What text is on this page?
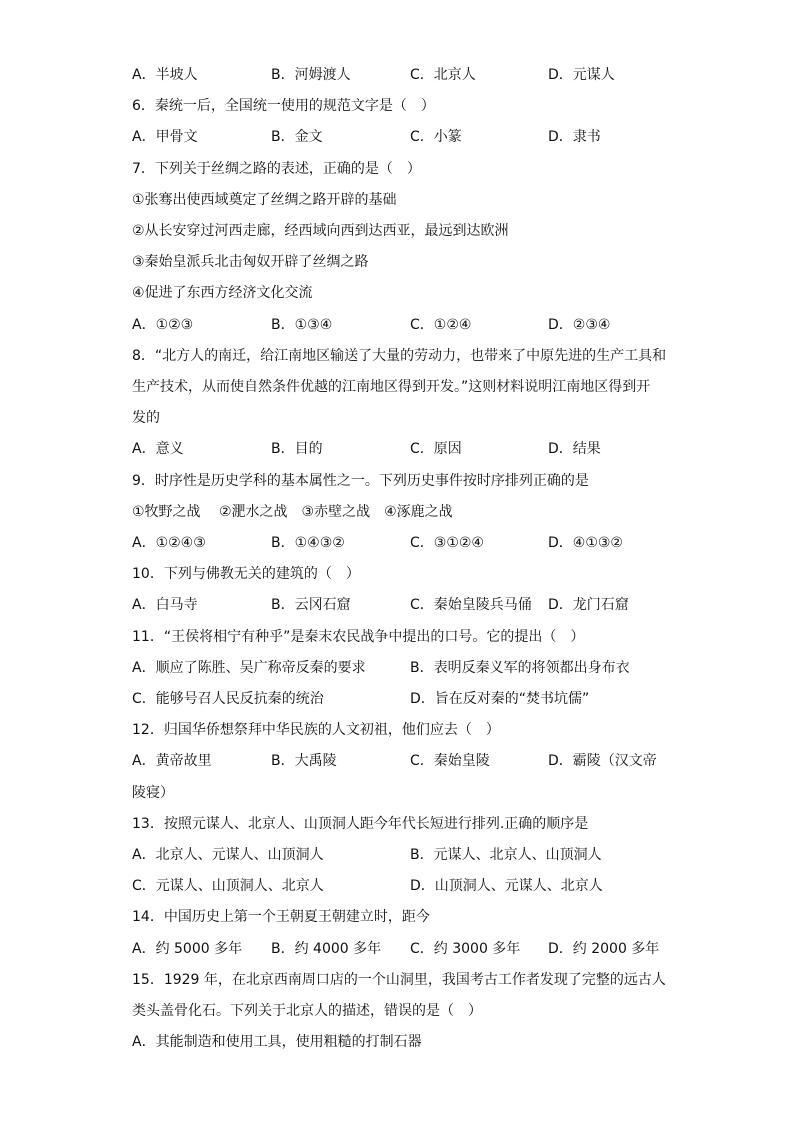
A．半坡人	B．河姆渡人	C．北京人	D．元谋人
6．秦统一后，全国统一使用的规范文字是（　）
A．甲骨文	B．金文	C．小篆	D．隶书
7．下列关于丝绸之路的表述，正确的是（　）
①张骞出使西域奠定了丝绸之路开辟的基础
②从长安穿过河西走廊，经西域向西到达西亚，最远到达欧洲
③秦始皇派兵北击匈奴开辟了丝绸之路
④促进了东西方经济文化交流
A．①②③	B．①③④	C．①②④	D．②③④
8．“北方人的南迁，给江南地区输送了大量的劳动力，也带来了中原先进的生产工具和
生产技术，从而使自然条件优越的江南地区得到开发。”这则材料说明江南地区得到开
发的
A．意义	B．目的	C．原因	D．结果
9．时序性是历史学科的基本属性之一。下列历史事件按时序排列正确的是
①牧野之战　 ②淝水之战　③赤壁之战　④涿鹿之战
A．①②④③	B．①④③②	C．③①②④	D．④①③②
10．下列与佛教无关的建筑的（　）
A．白马寺	B．云冈石窟	C．秦始皇陵兵马俑 D．龙门石窟
11．“王侯将相宁有种乎”是秦末农民战争中提出的口号。它的提出（　）
A．顺应了陈胜、吴广称帝反秦的要求	B．表明反秦义军的将领都出身布衣
C．能够号召人民反抗秦的统治	D．旨在反对秦的“焚书坑儒”
12．归国华侨想祭拜中华民族的人文初祖，他们应去（　）
A．黄帝故里	B．大禹陵	C．秦始皇陵	D．霸陵（汉文帝
陵寝）
13．按照元谋人、北京人、山顶洞人距今年代长短进行排列.正确的顺序是
A．北京人、元谋人、山顶洞人	B．元谋人、北京人、山顶洞人
C．元谋人、山顶洞人、北京人	D．山顶洞人、元谋人、北京人
14．中国历史上第一个王朝夏王朝建立时，距今
A．约 5000 多年 B．约 4000 多年 C．约 3000 多年 D．约 2000 多年
15．1929 年，在北京西南周口店的一个山洞里，我国考古工作者发现了完整的远古人
类头盖骨化石。下列关于北京人的描述，错误的是（　）
A．其能制造和使用工具，使用粗糙的打制石器
